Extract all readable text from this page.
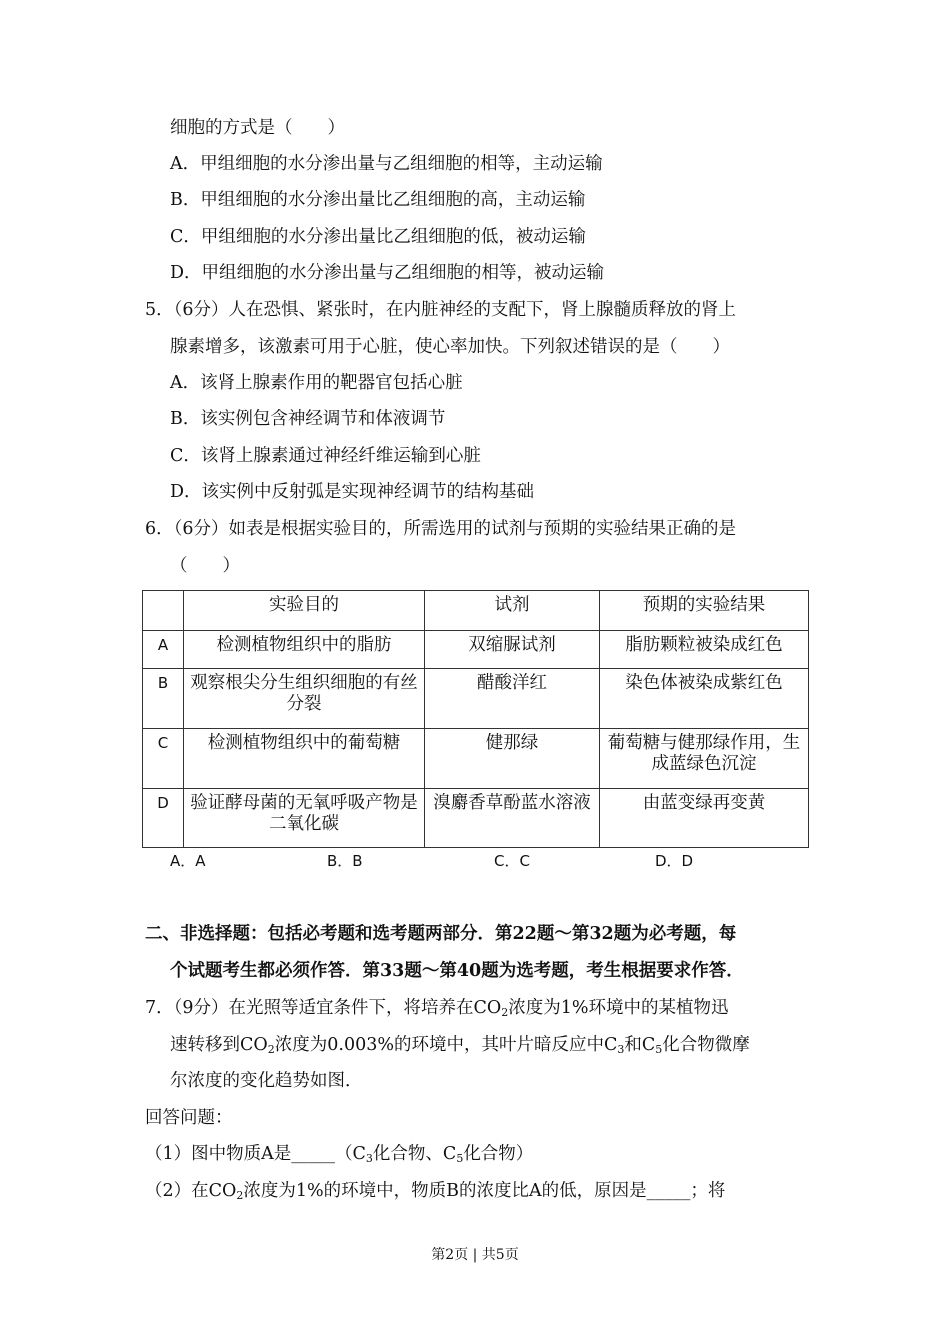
细胞的方式是（　　）
A．甲组细胞的水分渗出量与乙组细胞的相等，主动运输
B．甲组细胞的水分渗出量比乙组细胞的高，主动运输
C．甲组细胞的水分渗出量比乙组细胞的低，被动运输
D．甲组细胞的水分渗出量与乙组细胞的相等，被动运输
5．（6分）人在恐惧、紧张时，在内脏神经的支配下，肾上腺髓质释放的肾上
腺素增多，该激素可用于心脏，使心率加快。下列叙述错误的是（　　）
A．该肾上腺素作用的靶器官包括心脏
B．该实例包含神经调节和体液调节
C．该肾上腺素通过神经纤维运输到心脏
D．该实例中反射弧是实现神经调节的结构基础
6．（6分）如表是根据实验目的，所需选用的试剂与预期的实验结果正确的是
（　　）
	实验目的	试剂	预期的实验结果
A	检测植物组织中的脂肪	双缩脲试剂	脂肪颗粒被染成红色
B	观察根尖分生组织细胞的有丝分裂	醋酸洋红	染色体被染成紫红色
C	检测植物组织中的葡萄糖	健那绿	葡萄糖与健那绿作用，生成蓝绿色沉淀
D	验证酵母菌的无氧呼吸产物是二氧化碳	溴麝香草酚蓝水溶液	由蓝变绿再变黄
A．A	B．B	C．C	D．D
二、非选择题：包括必考题和选考题两部分．第22题～第32题为必考题，每
个试题考生都必须作答．第33题～第40题为选考题，考生根据要求作答．
7．（9分）在光照等适宜条件下，将培养在$CO_2$浓度为1%环境中的某植物迅
速转移到$CO_2$浓度为0.003%的环境中，其叶片暗反应中$C_3$和$C_5$化合物微摩
尔浓度的变化趋势如图．
回答问题：
（1）图中物质A是$\_\_\_\_\_(C_3$化合物、$C_5$化合物）
（2）在$CO_2$浓度为1%的环境中，物质B的浓度比A的低，原因是_____；将
第2页 | 共5页
